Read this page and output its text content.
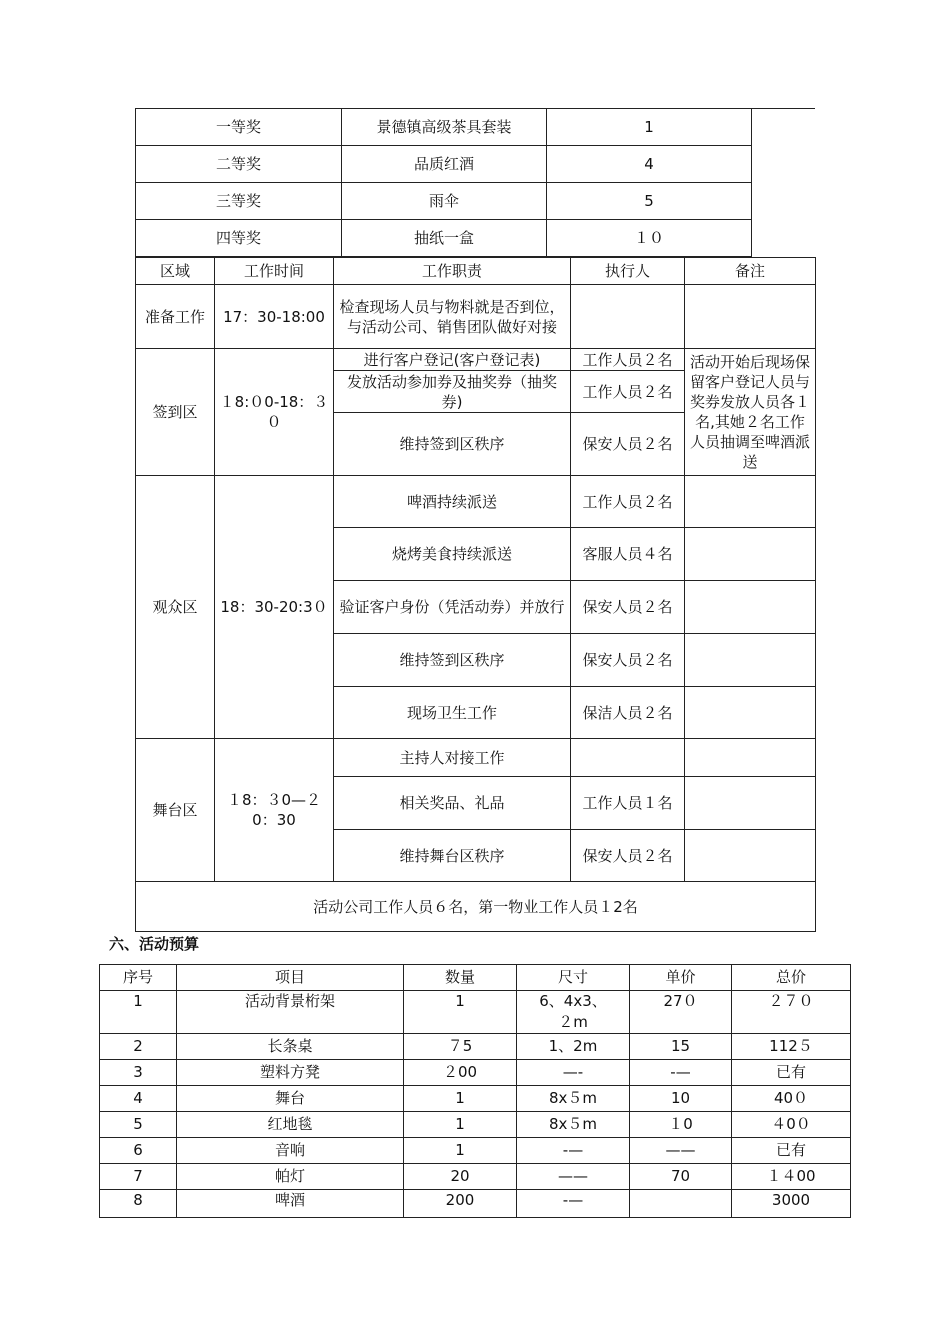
一等奖	景德镇高级茶具套装	1
二等奖	品质红酒	4
三等奖	雨伞	5
四等奖	抽纸一盒	１０
区域	工作时间	工作职责	执行人	备注
准备工作	17：30-18:00	检查现场人员与物料就是否到位，与活动公司、销售团队做好对接		
签到区	１8:０0-18：３０	进行客户登记(客户登记表)	工作人员２名	活动开始后现场保留客户登记人员与奖券发放人员各１名,其她２名工作人员抽调至啤酒派送
		发放活动参加券及抽奖券（抽奖券)	工作人员２名	
		维持签到区秩序	保安人员２名	
观众区	18：30-20:3０	啤酒持续派送	工作人员２名	
		烧烤美食持续派送	客服人员４名	
		验证客户身份（凭活动券）并放行	保安人员２名	
		维持签到区秩序	保安人员２名	
		现场卫生工作	保洁人员２名	
舞台区	１8：３0—２0：30	主持人对接工作		
		相关奖品、礼品	工作人员１名	
		维持舞台区秩序	保安人员２名	
活动公司工作人员６名，第一物业工作人员１2名				
六、活动预算
序号	项目	数量	尺寸	单价	总价
1	活动背景桁架	1	6、4x3、２m	27０	２７０
2	长条桌	７5	1、2m	15	112５
3	塑料方凳	２00	—-	-—	已有
4	舞台	1	8x５m	10	40０
5	红地毯	1	8x５m	１0	４0０
6	音响	1	-—	——	已有
7	帕灯	20	——	70	１４00
8	啤酒	200	-—		3000
